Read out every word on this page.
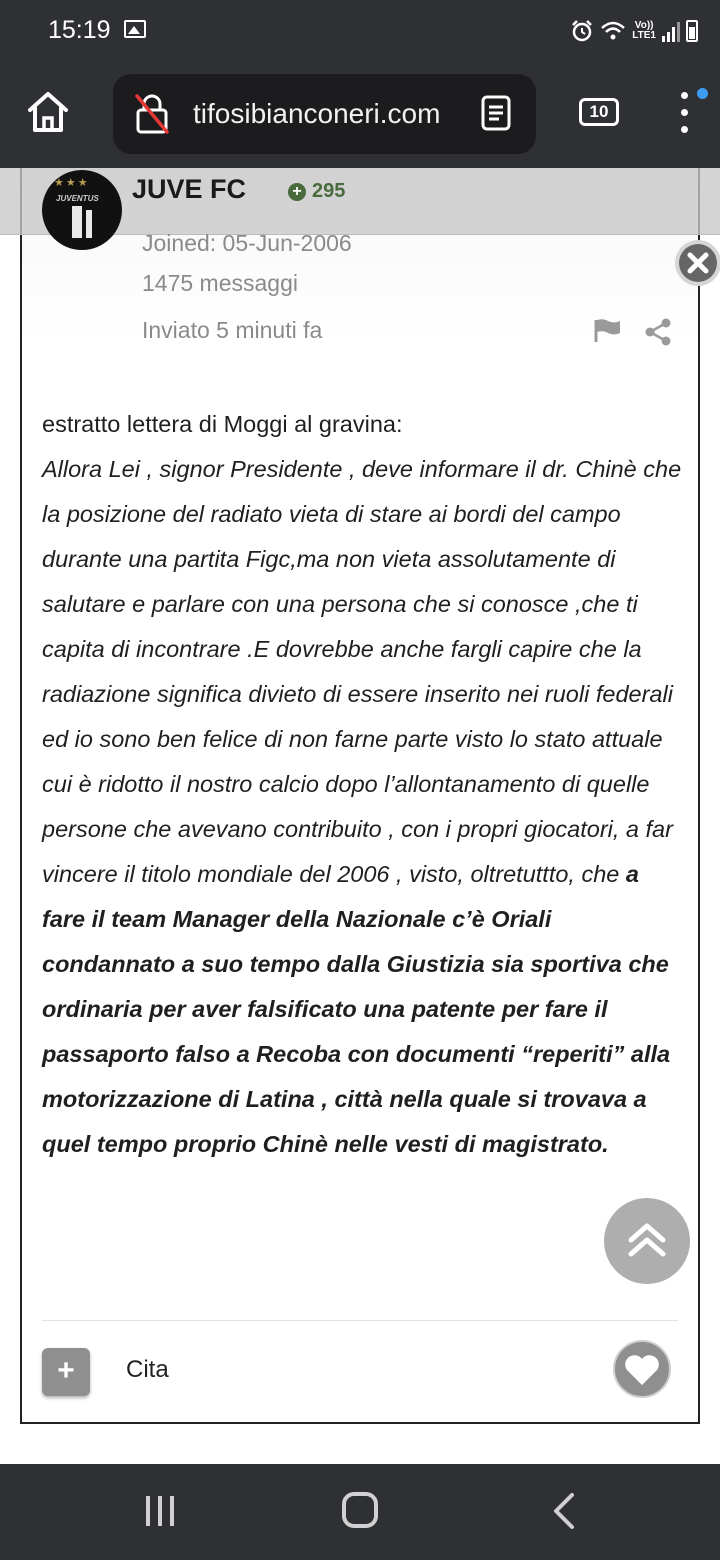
15:19	Vo))
LTE1
tifosibianconeri.com	10
★★★
JUVENTUS JUVE FC	+ 295
Joined: 05-Jun-2006
1475 messaggi
Inviato 5 minuti fa

estratto lettera di Moggi al gravina:

Allora Lei , signor Presidente , deve informare il dr. Chinè che la posizione del radiato vieta di stare ai bordi del campo durante una partita Figc,ma non vieta assolutamente di salutare e parlare con una persona che si conosce ,che ti capita di incontrare .E dovrebbe anche fargli capire che la radiazione significa divieto di essere inserito nei ruoli federali ed io sono ben felice di non farne parte visto lo stato attuale cui è ridotto il nostro calcio dopo l’allontanamento di quelle persone che avevano contribuito , con i propri giocatori, a far vincere il titolo mondiale del 2006 , visto, oltretuttto, che a fare il team Manager della Nazionale c’è Oriali condannato a suo tempo dalla Giustizia sia sportiva che ordinaria per aver falsificato una patente per fare il passaporto falso a Recoba con documenti “reperiti” alla motorizzazione di Latina , città nella quale si trovava a quel tempo proprio Chinè nelle vesti di magistrato.

+	Cita
